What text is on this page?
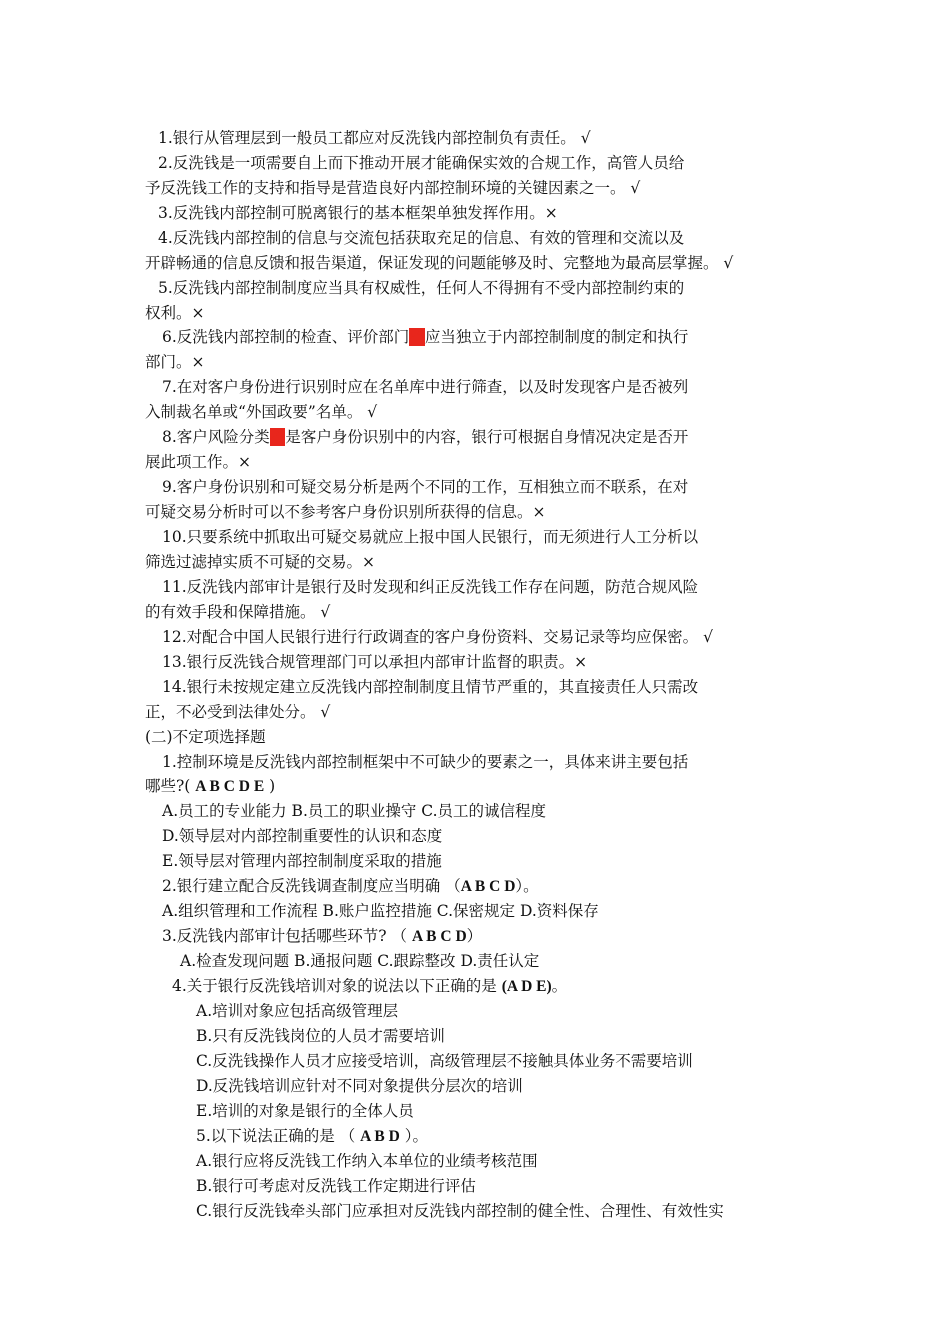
1.银行从管理层到一般员工都应对反洗钱内部控制负有责任。 √
2.反洗钱是一项需要自上而下推动开展才能确保实效的合规工作，高管人员给
予反洗钱工作的支持和指导是营造良好内部控制环境的关键因素之一。 √
3.反洗钱内部控制可脱离银行的基本框架单独发挥作用。×
4.反洗钱内部控制的信息与交流包括获取充足的信息、有效的管理和交流以及
开辟畅通的信息反馈和报告渠道，保证发现的问题能够及时、完整地为最高层掌握。 √
5.反洗钱内部控制制度应当具有权威性，任何人不得拥有不受内部控制约束的
权利。×
6.反洗钱内部控制的检查、评价部门不应当独立于内部控制制度的制定和执行
部门。×
7.在对客户身份进行识别时应在名单库中进行筛查，以及时发现客户是否被列
入制裁名单或“外国政要”名单。 √
8.客户风险分类不是客户身份识别中的内容，银行可根据自身情况决定是否开
展此项工作。×
9.客户身份识别和可疑交易分析是两个不同的工作，互相独立而不联系，在对
可疑交易分析时可以不参考客户身份识别所获得的信息。×
10.只要系统中抓取出可疑交易就应上报中国人民银行，而无须进行人工分析以
筛选过滤掉实质不可疑的交易。×
11.反洗钱内部审计是银行及时发现和纠正反洗钱工作存在问题，防范合规风险
的有效手段和保障措施。 √
12.对配合中国人民银行进行行政调查的客户身份资料、交易记录等均应保密。 √
13.银行反洗钱合规管理部门可以承担内部审计监督的职责。×
14.银行未按规定建立反洗钱内部控制制度且情节严重的，其直接责任人只需改
正，不必受到法律处分。 √
(二)不定项选择题
1.控制环境是反洗钱内部控制框架中不可缺少的要素之一，具体来讲主要包括
哪些?( A B C D E )
A.员工的专业能力 B.员工的职业操守 C.员工的诚信程度
D.领导层对内部控制重要性的认识和态度
E.领导层对管理内部控制制度采取的措施
2.银行建立配合反洗钱调查制度应当明确 （A B C D）。
A.组织管理和工作流程 B.账户监控措施 C.保密规定 D.资料保存
3.反洗钱内部审计包括哪些环节? （ A B C D）
A.检查发现问题 B.通报问题 C.跟踪整改 D.责任认定
4.关于银行反洗钱培训对象的说法以下正确的是 (A D E)。
A.培训对象应包括高级管理层
B.只有反洗钱岗位的人员才需要培训
C.反洗钱操作人员才应接受培训，高级管理层不接触具体业务不需要培训
D.反洗钱培训应针对不同对象提供分层次的培训
E.培训的对象是银行的全体人员
5.以下说法正确的是 （ A B D ）。
A.银行应将反洗钱工作纳入本单位的业绩考核范围
B.银行可考虑对反洗钱工作定期进行评估
C.银行反洗钱牵头部门应承担对反洗钱内部控制的健全性、合理性、有效性实
